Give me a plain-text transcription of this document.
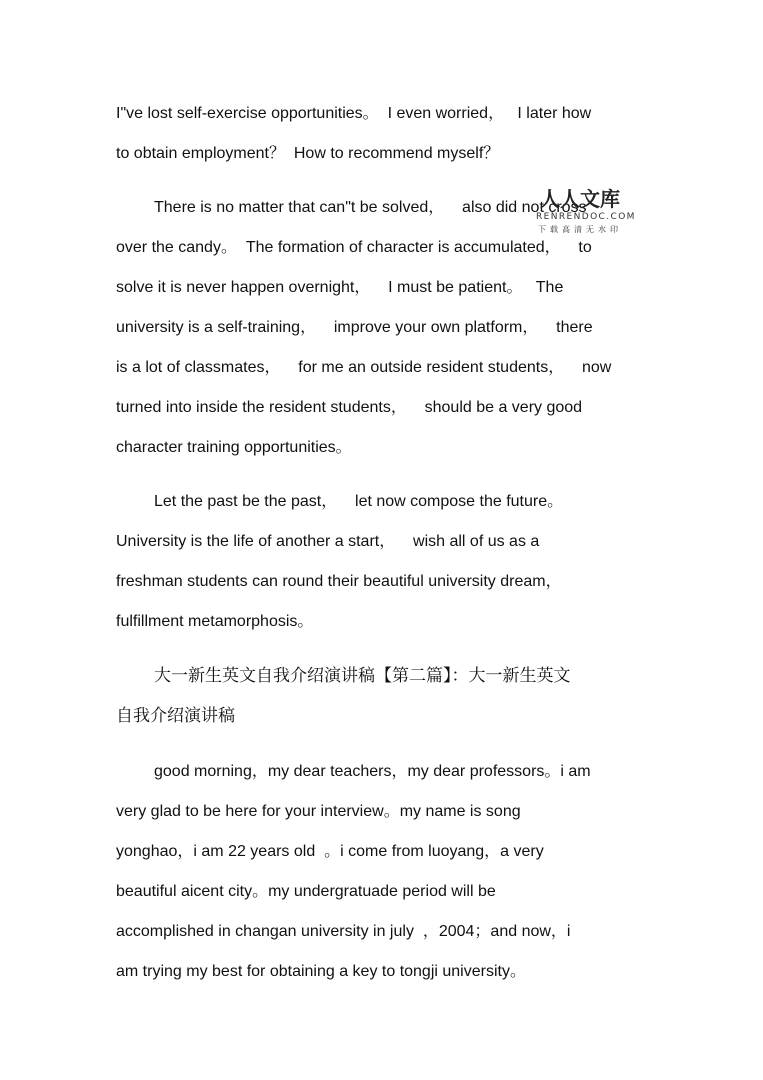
I"ve lost self-exercise opportunities。  I even worried，   I later how
to obtain employment？  How to recommend myself？
There is no matter that can"t be solved，    also did not cross
over the candy。  The formation of character is accumulated，    to
solve it is never happen overnight，    I must be patient。   The
university is a self-training，    improve your own platform，    there
is a lot of classmates，    for me an outside resident students，    now
turned into inside the resident students，    should be a very good
character training opportunities。
Let the past be the past，    let now compose the future。
University is the life of another a start，    wish all of us as a
freshman students can round their beautiful university dream，
fulfillment metamorphosis。
大一新生英文自我介绍演讲稿【第二篇】：大一新生英文
自我介绍演讲稿
good morning，my dear teachers，my dear professors。i am
very glad to be here for your interview。my name is song
yonghao，i am 22 years old  。i come from luoyang，a very
beautiful aicent city。my undergratuade period will be
accomplished in changan university in july  ，2004；and now，i
am trying my best for obtaining a key to tongji university。
人人文库
RENRENDOC.COM
下载高清无水印
